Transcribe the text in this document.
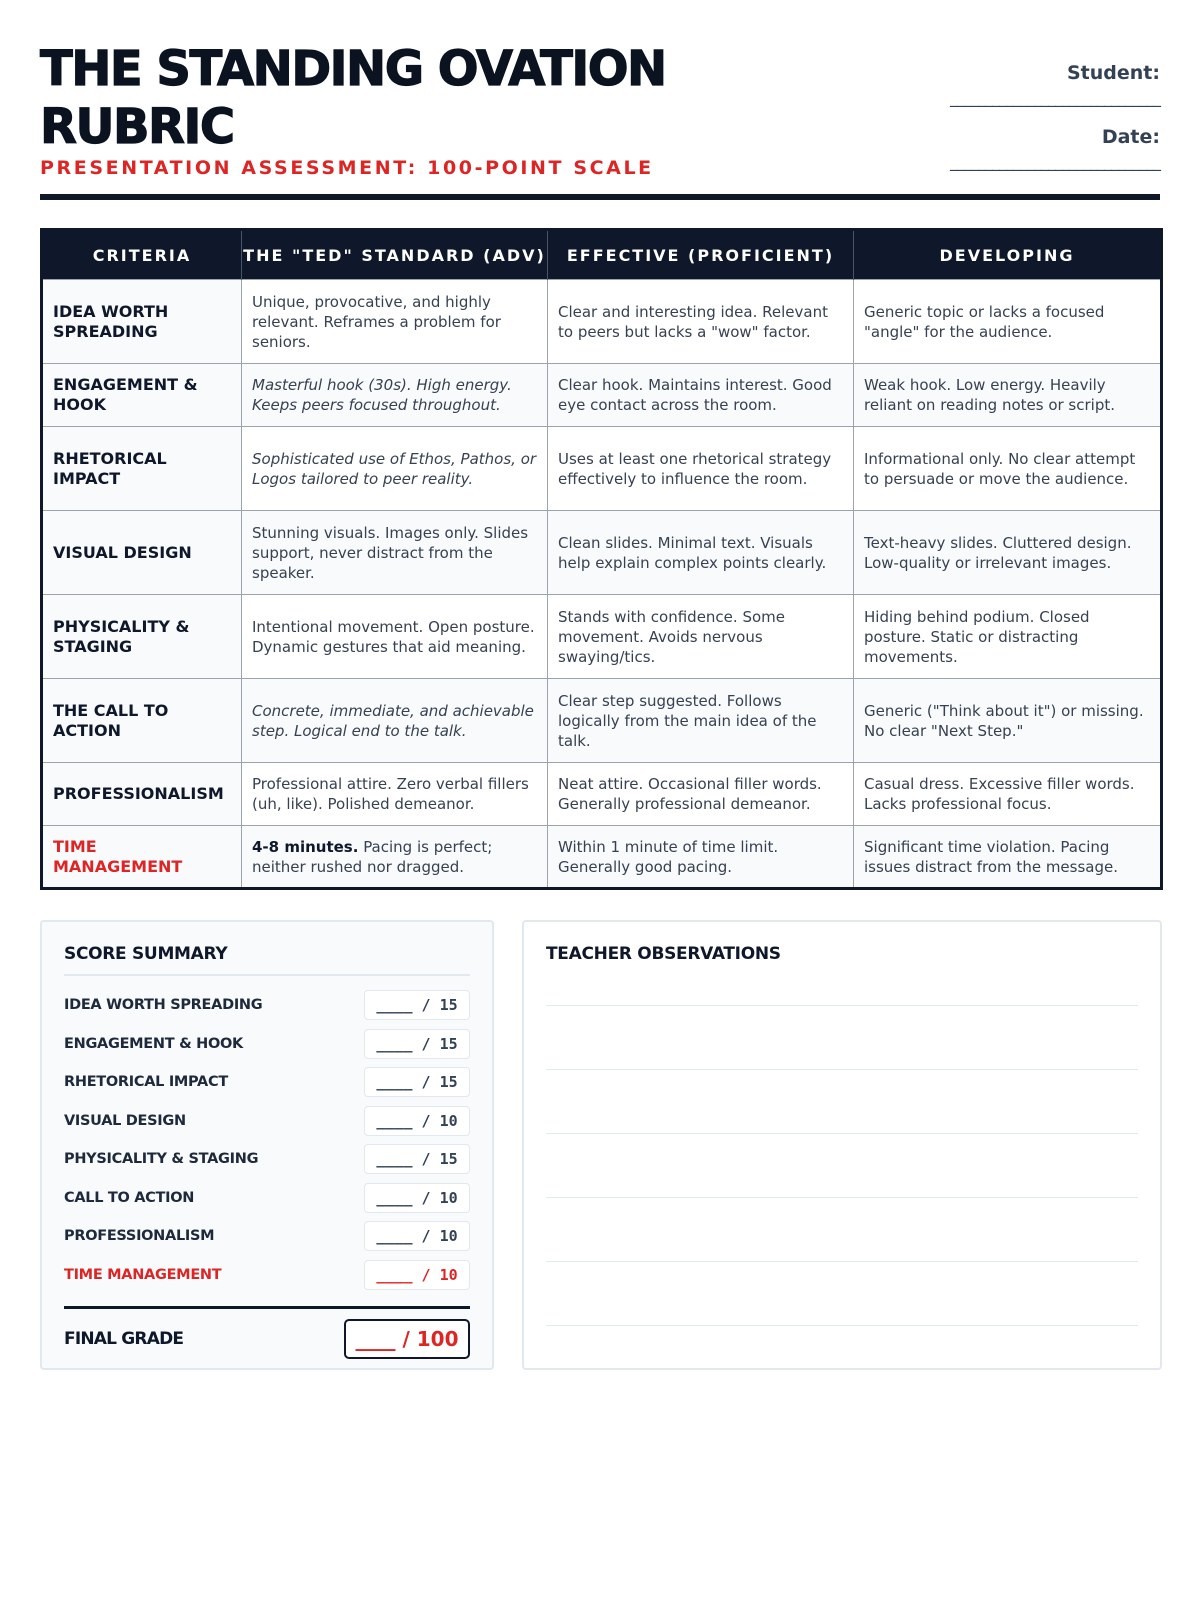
THE STANDING OVATION RUBRIC
PRESENTATION ASSESSMENT: 100-POINT SCALE
Student:
______________________________
Date:
______________________________
CRITERIA	THE "TED" STANDARD (ADV)	EFFECTIVE (PROFICIENT)	DEVELOPING
IDEA WORTH SPREADING	Unique, provocative, and highly relevant. Reframes a problem for seniors.	Clear and interesting idea. Relevant to peers but lacks a "wow" factor.	Generic topic or lacks a focused "angle" for the audience.
ENGAGEMENT & HOOK	Masterful hook (30s). High energy. Keeps peers focused throughout.	Clear hook. Maintains interest. Good eye contact across the room.	Weak hook. Low energy. Heavily reliant on reading notes or script.
RHETORICAL IMPACT	Sophisticated use of Ethos, Pathos, or Logos tailored to peer reality.	Uses at least one rhetorical strategy effectively to influence the room.	Informational only. No clear attempt to persuade or move the audience.
VISUAL DESIGN	Stunning visuals. Images only. Slides support, never distract from the speaker.	Clean slides. Minimal text. Visuals help explain complex points clearly.	Text-heavy slides. Cluttered design. Low-quality or irrelevant images.
PHYSICALITY & STAGING	Intentional movement. Open posture. Dynamic gestures that aid meaning.	Stands with confidence. Some movement. Avoids nervous swaying/tics.	Hiding behind podium. Closed posture. Static or distracting movements.
THE CALL TO ACTION	Concrete, immediate, and achievable step. Logical end to the talk.	Clear step suggested. Follows logically from the main idea of the talk.	Generic ("Think about it") or missing. No clear "Next Step."
PROFESSIONALISM	Professional attire. Zero verbal fillers (uh, like). Polished demeanor.	Neat attire. Occasional filler words. Generally professional demeanor.	Casual dress. Excessive filler words. Lacks professional focus.
TIME MANAGEMENT	4-8 minutes. Pacing is perfect; neither rushed nor dragged.	Within 1 minute of time limit. Generally good pacing.	Significant time violation. Pacing issues distract from the message.
SCORE SUMMARY
IDEA WORTH SPREADING	____ / 15
ENGAGEMENT & HOOK	____ / 15
RHETORICAL IMPACT	____ / 15
VISUAL DESIGN	____ / 10
PHYSICALITY & STAGING	____ / 15
CALL TO ACTION	____ / 10
PROFESSIONALISM	____ / 10
TIME MANAGEMENT	____ / 10
FINAL GRADE	____ / 100
TEACHER OBSERVATIONS
